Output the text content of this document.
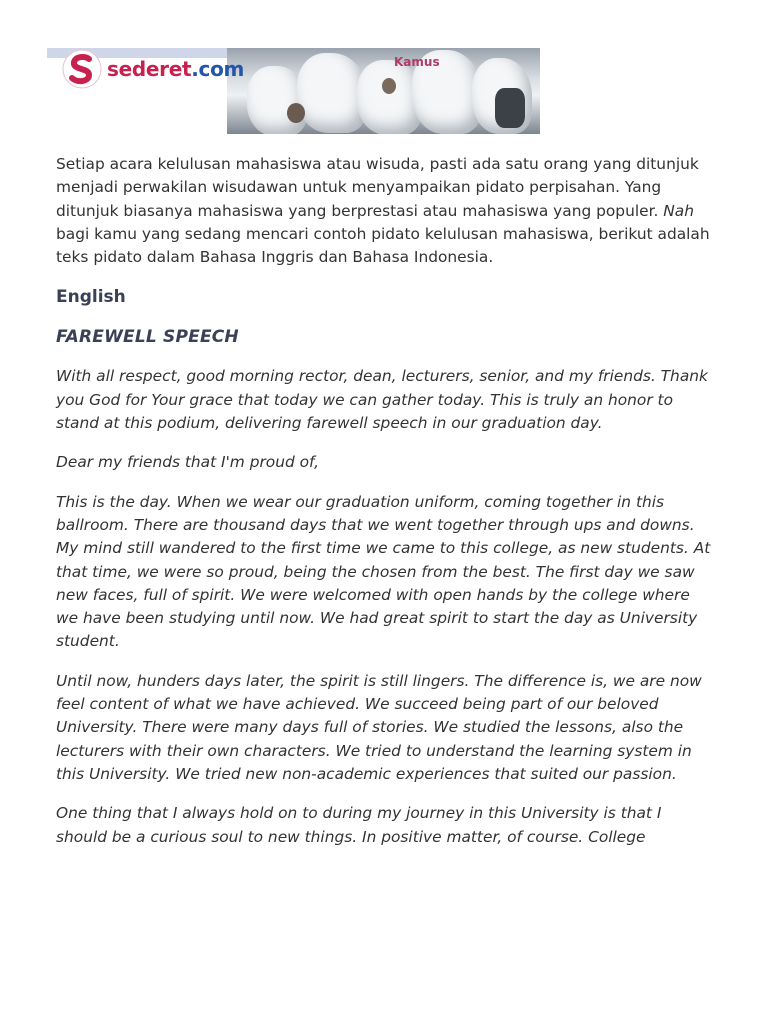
sederet.com	Kamus

Setiap acara kelulusan mahasiswa atau wisuda, pasti ada satu orang yang ditunjuk menjadi perwakilan wisudawan untuk menyampaikan pidato perpisahan. Yang ditunjuk biasanya mahasiswa yang berprestasi atau mahasiswa yang populer. Nah bagi kamu yang sedang mencari contoh pidato kelulusan mahasiswa, berikut adalah teks pidato dalam Bahasa Inggris dan Bahasa Indonesia.

English
FAREWELL SPEECH

With all respect, good morning rector, dean, lecturers, senior, and my friends. Thank you God for Your grace that today we can gather today. This is truly an honor to stand at this podium, delivering farewell speech in our graduation day.

Dear my friends that I'm proud of,

This is the day. When we wear our graduation uniform, coming together in this ballroom. There are thousand days that we went together through ups and downs. My mind still wandered to the first time we came to this college, as new students. At that time, we were so proud, being the chosen from the best. The first day we saw new faces, full of spirit. We were welcomed with open hands by the college where we have been studying until now. We had great spirit to start the day as University student.

Until now, hunders days later, the spirit is still lingers. The difference is, we are now feel content of what we have achieved. We succeed being part of our beloved University. There were many days full of stories. We studied the lessons, also the lecturers with their own characters. We tried to understand the learning system in this University. We tried new non-academic experiences that suited our passion.

One thing that I always hold on to during my journey in this University is that I should be a curious soul to new things. In positive matter, of course. College
